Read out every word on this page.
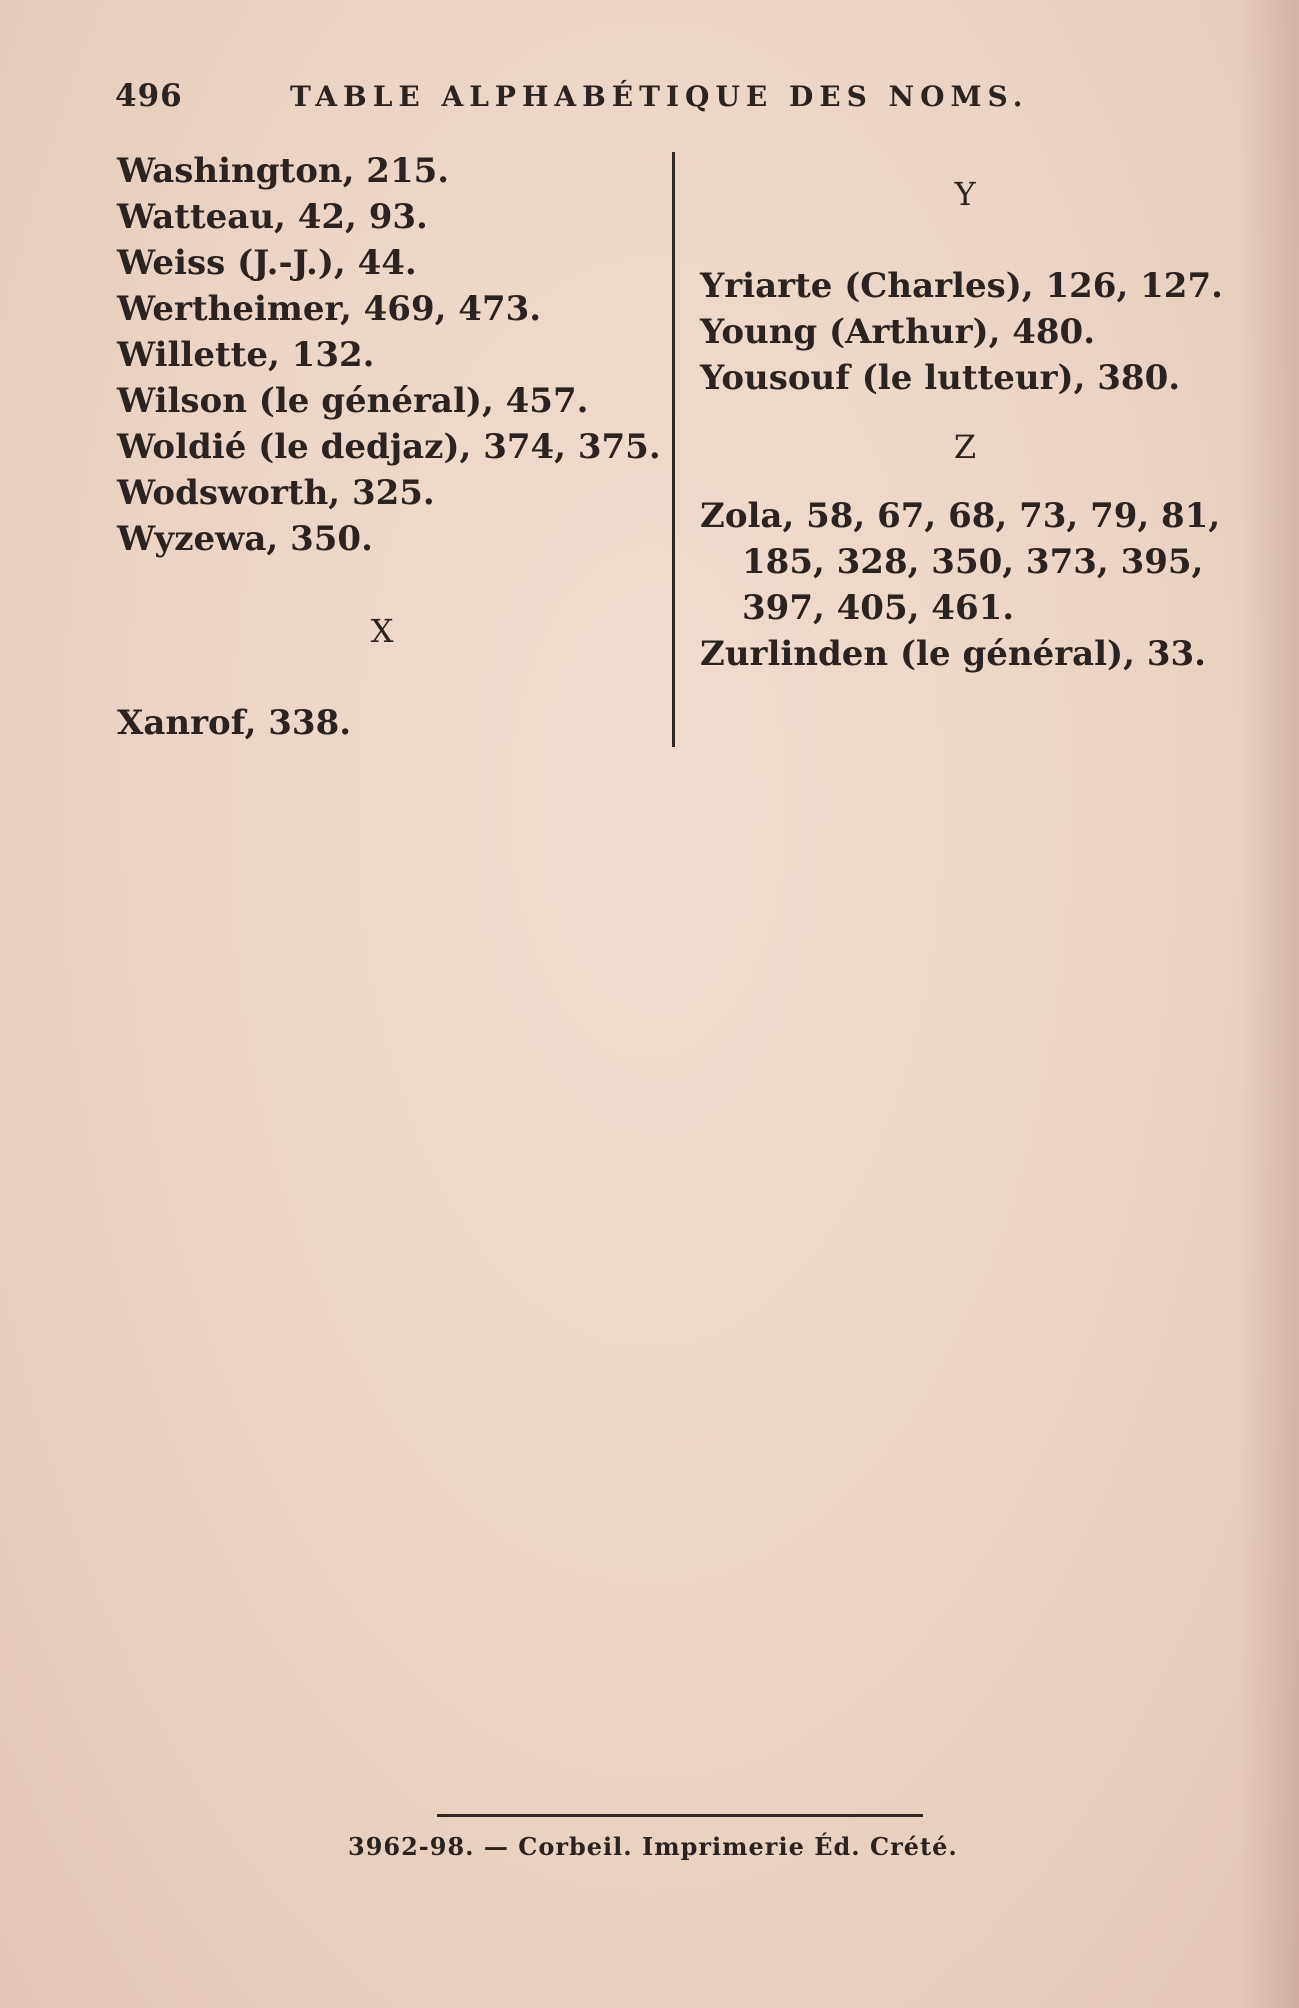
496	TABLE ALPHABÉTIQUE DES NOMS.
Washington, 215.
Watteau, 42, 93.
Weiss (J.-J.), 44.
Wertheimer, 469, 473.
Willette, 132.
Wilson (le général), 457.
Woldié (le dedjaz), 374, 375.
Wodsworth, 325.
Wyzewa, 350.
X
Xanrof, 338.
Y
Yriarte (Charles), 126, 127.
Young (Arthur), 480.
Yousouf (le lutteur), 380.
Z
Zola, 58, 67, 68, 73, 79, 81,
185, 328, 350, 373, 395,
397, 405, 461.
Zurlinden (le général), 33.
3962-98. — Corbeil. Imprimerie Éd. Crété.
